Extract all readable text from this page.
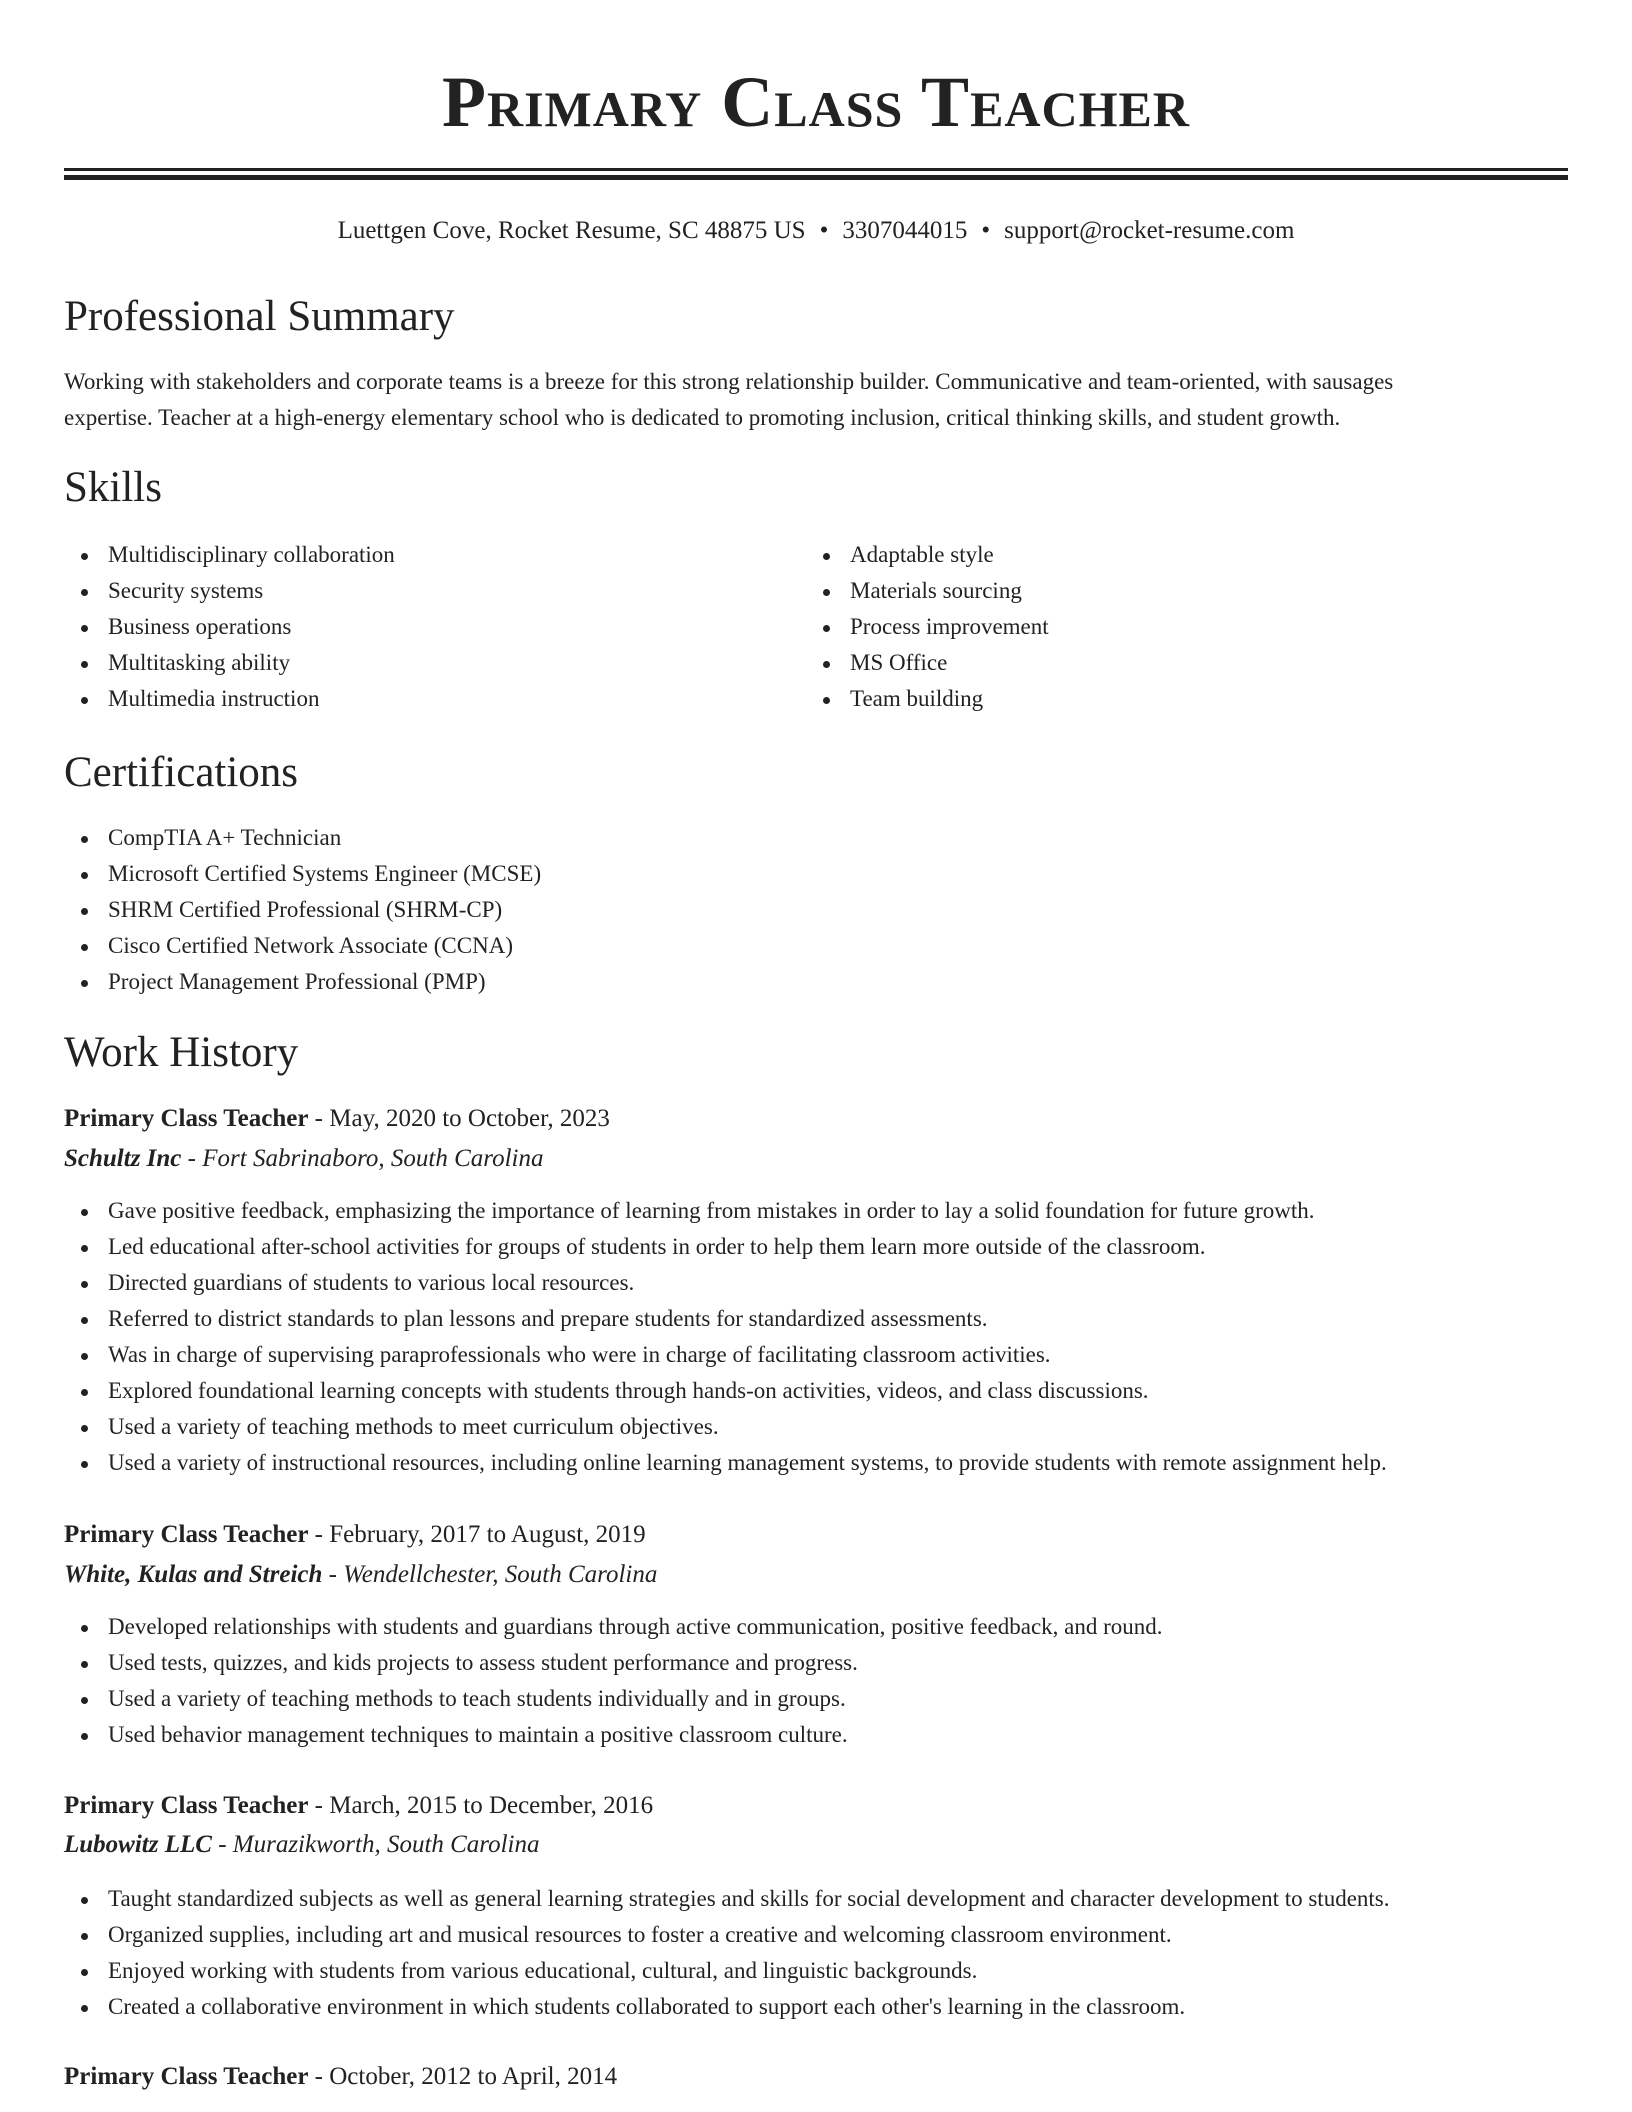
Primary Class Teacher
Luettgen Cove, Rocket Resume, SC 48875 US • 3307044015 • support@rocket-resume.com
Professional Summary
Working with stakeholders and corporate teams is a breeze for this strong relationship builder. Communicative and team-oriented, with sausages
expertise. Teacher at a high-energy elementary school who is dedicated to promoting inclusion, critical thinking skills, and student growth.
Skills
Multidisciplinary collaboration
Security systems
Business operations
Multitasking ability
Multimedia instruction
Adaptable style
Materials sourcing
Process improvement
MS Office
Team building
Certifications
CompTIA A+ Technician
Microsoft Certified Systems Engineer (MCSE)
SHRM Certified Professional (SHRM-CP)
Cisco Certified Network Associate (CCNA)
Project Management Professional (PMP)
Work History
Primary Class Teacher - May, 2020 to October, 2023
Schultz Inc - Fort Sabrinaboro, South Carolina
Gave positive feedback, emphasizing the importance of learning from mistakes in order to lay a solid foundation for future growth.
Led educational after-school activities for groups of students in order to help them learn more outside of the classroom.
Directed guardians of students to various local resources.
Referred to district standards to plan lessons and prepare students for standardized assessments.
Was in charge of supervising paraprofessionals who were in charge of facilitating classroom activities.
Explored foundational learning concepts with students through hands-on activities, videos, and class discussions.
Used a variety of teaching methods to meet curriculum objectives.
Used a variety of instructional resources, including online learning management systems, to provide students with remote assignment help.
Primary Class Teacher - February, 2017 to August, 2019
White, Kulas and Streich - Wendellchester, South Carolina
Developed relationships with students and guardians through active communication, positive feedback, and round.
Used tests, quizzes, and kids projects to assess student performance and progress.
Used a variety of teaching methods to teach students individually and in groups.
Used behavior management techniques to maintain a positive classroom culture.
Primary Class Teacher - March, 2015 to December, 2016
Lubowitz LLC - Murazikworth, South Carolina
Taught standardized subjects as well as general learning strategies and skills for social development and character development to students.
Organized supplies, including art and musical resources to foster a creative and welcoming classroom environment.
Enjoyed working with students from various educational, cultural, and linguistic backgrounds.
Created a collaborative environment in which students collaborated to support each other's learning in the classroom.
Primary Class Teacher - October, 2012 to April, 2014
